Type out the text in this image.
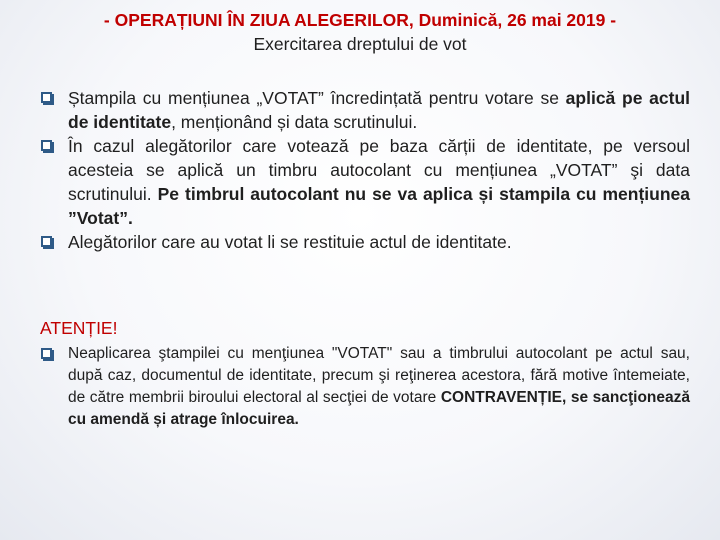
- OPERAȚIUNI ÎN ZIUA ALEGERILOR, Duminică, 26 mai 2019 -
Exercitarea dreptului de vot
Ștampila cu mențiunea „VOTAT” încredințată pentru votare se aplică pe actul de identitate, menționând și data scrutinului.
În cazul alegătorilor care votează pe baza cărții de identitate, pe versoul acesteia se aplică un timbru autocolant cu mențiunea „VOTAT” şi data scrutinului. Pe timbrul autocolant nu se va aplica și stampila cu mențiunea ”Votat”.
Alegătorilor care au votat li se restituie actul de identitate.
ATENȚIE!
Neaplicarea ştampilei cu menţiunea "VOTAT" sau a timbrului autocolant pe actul sau, după caz, documentul de identitate, precum şi reţinerea acestora, fără motive întemeiate, de către membrii biroului electoral al secţiei de votare CONTRAVENȚIE, se sancţionează cu amendă și atrage înlocuirea.
